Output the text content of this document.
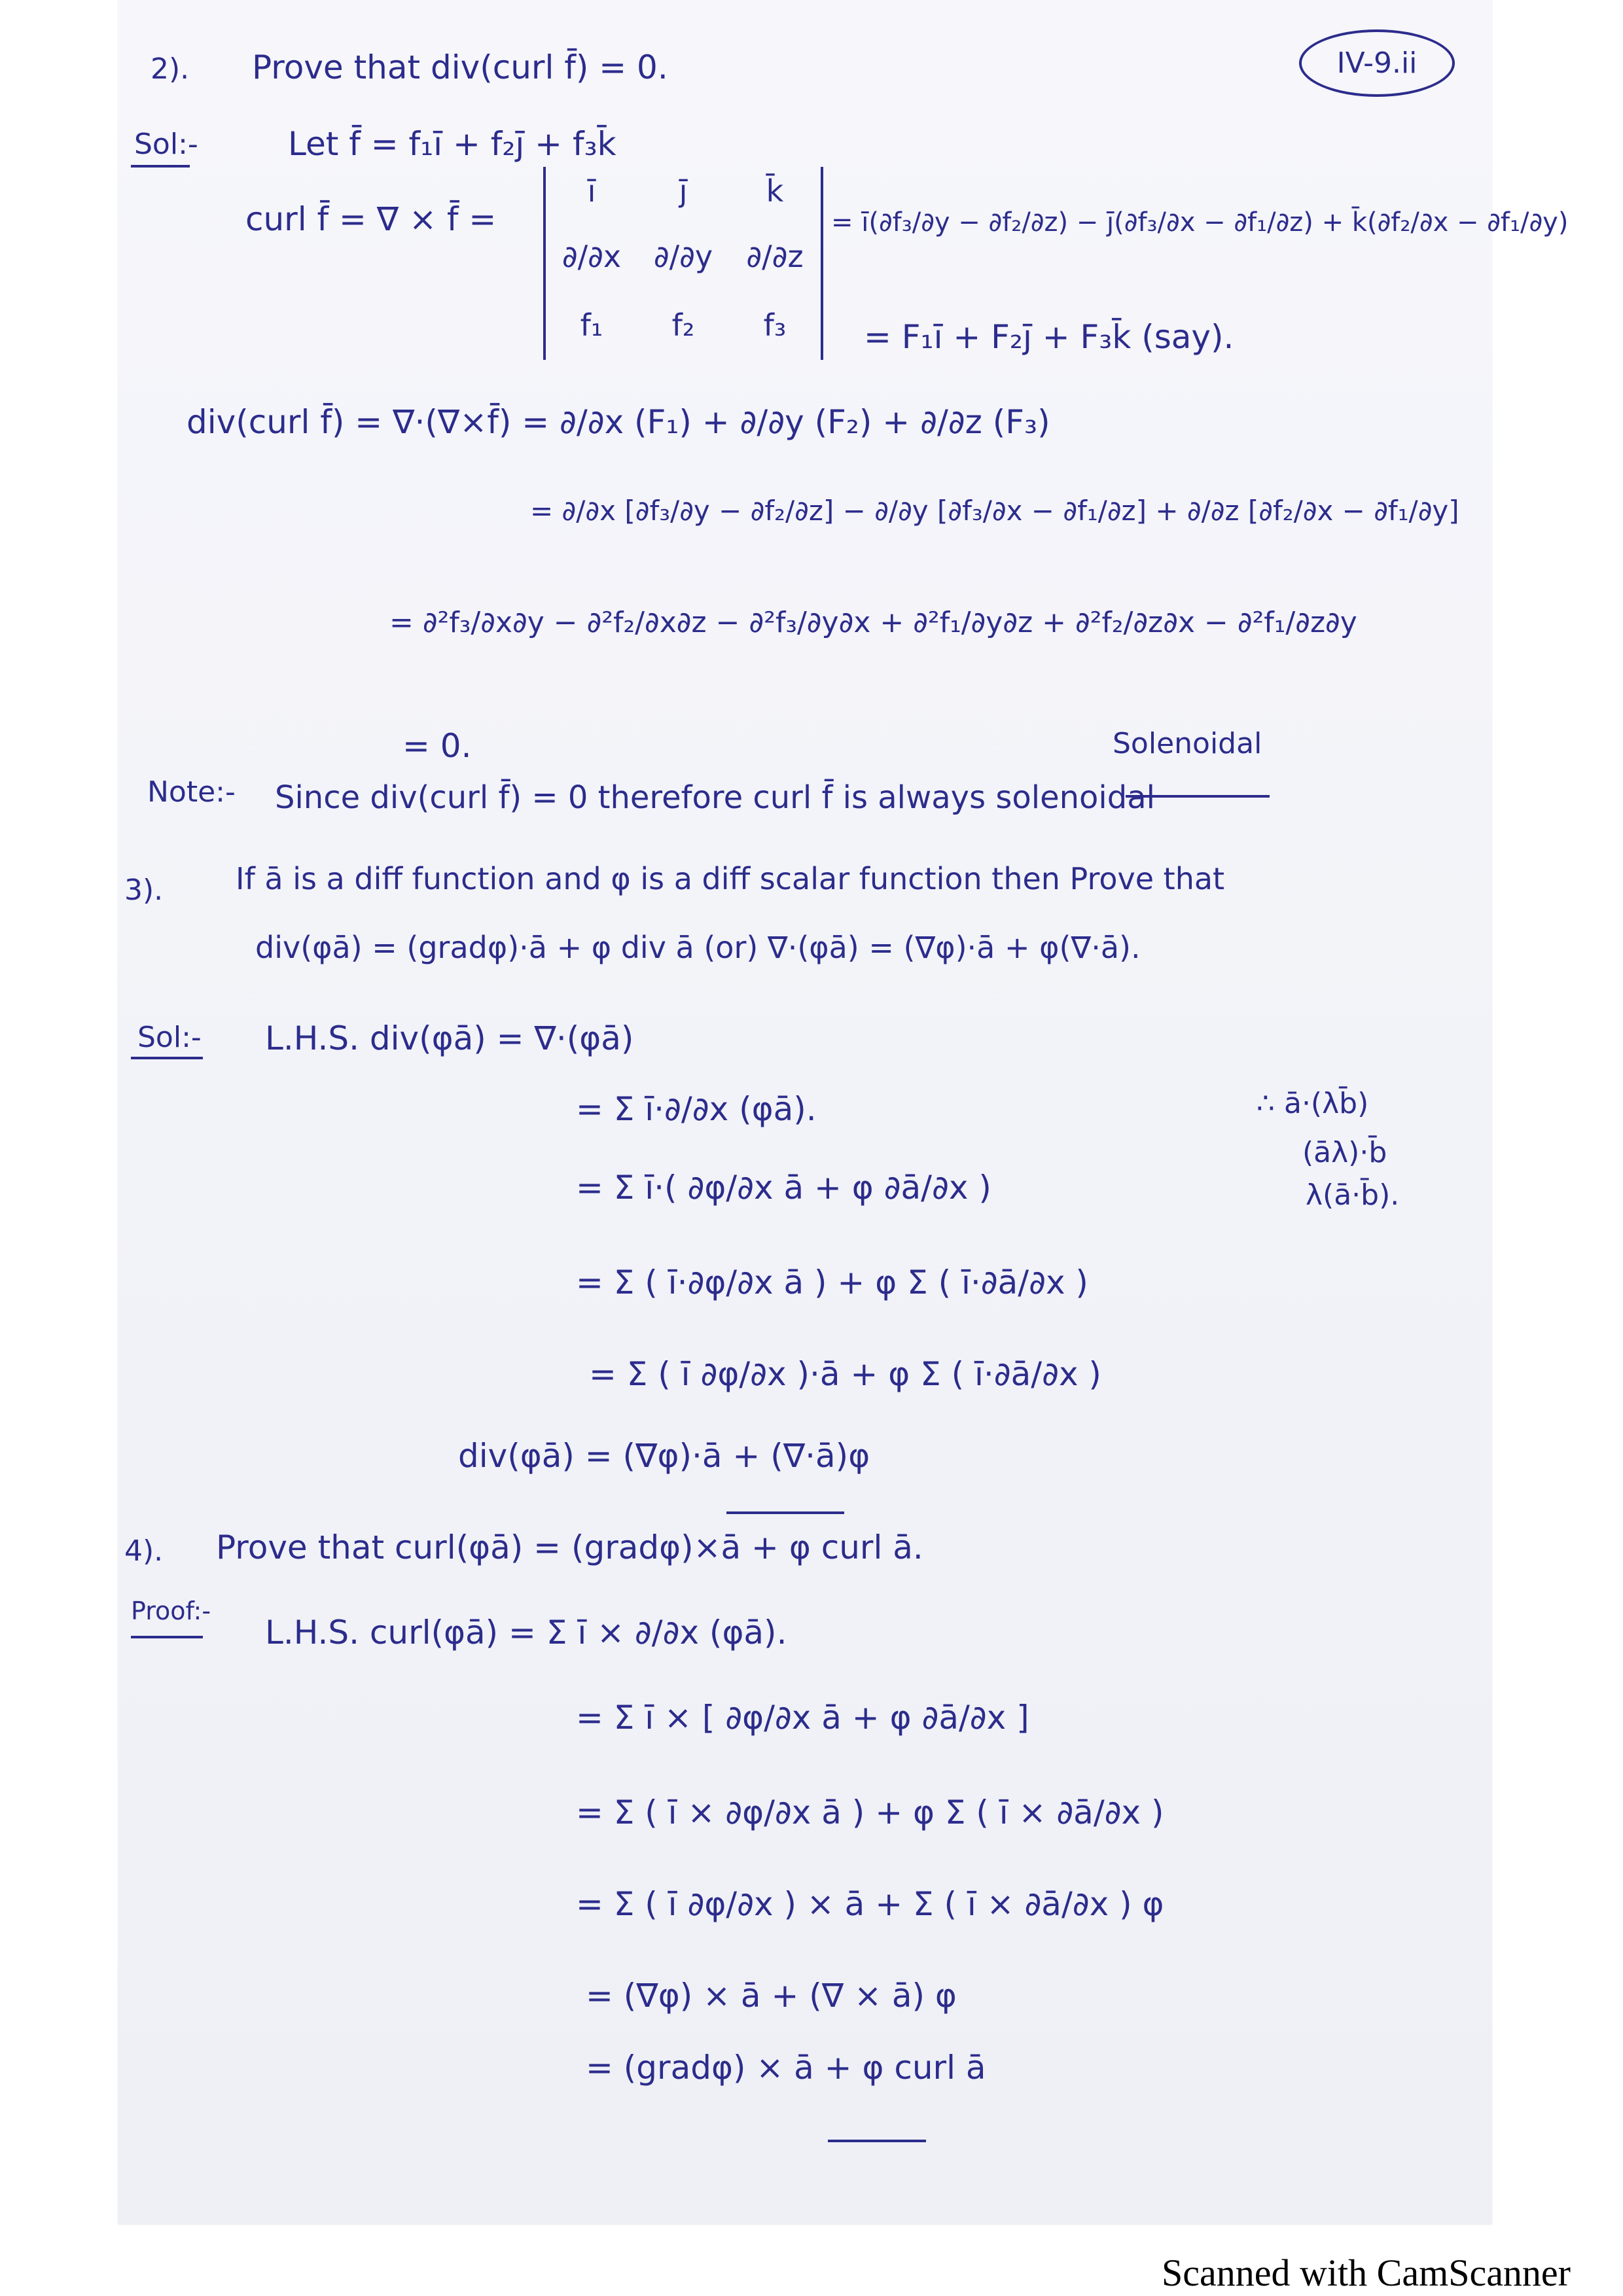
IV-9.ii
2). Prove that div(curl f̄) = 0.
Sol:-	Let f̄ = f₁ī + f₂j̄ + f₃k̄
curl f̄ = ∇ × f̄ =
ī	j̄	k̄
∂/∂x	∂/∂y	∂/∂z
f₁	f₂	f₃
= ī(∂f₃/∂y − ∂f₂/∂z) − j̄(∂f₃/∂x − ∂f₁/∂z) + k̄(∂f₂/∂x − ∂f₁/∂y)
= F₁ī + F₂j̄ + F₃k̄ (say).
div(curl f̄) = ∇·(∇×f̄) = ∂/∂x (F₁) + ∂/∂y (F₂) + ∂/∂z (F₃)
= ∂/∂x [∂f₃/∂y − ∂f₂/∂z] − ∂/∂y [∂f₃/∂x − ∂f₁/∂z] + ∂/∂z [∂f₂/∂x − ∂f₁/∂y]
= ∂²f₃/∂x∂y − ∂²f₂/∂x∂z − ∂²f₃/∂y∂x + ∂²f₁/∂y∂z + ∂²f₂/∂z∂x − ∂²f₁/∂z∂y
= 0.	Solenoidal
Note:- Since div(curl f̄) = 0 therefore curl f̄ is always solenoidal
3). If ā is a diff function and φ is a diff scalar function then Prove that
div(φā) = (gradφ)·ā + φ div ā (or) ∇·(φā) = (∇φ)·ā + φ(∇·ā).
Sol:- L.H.S. div(φā) = ∇·(φā)
= Σ ī·∂/∂x (φā).
= Σ ī·( ∂φ/∂x ā + φ ∂ā/∂x )
= Σ ( ī·∂φ/∂x ā ) + φ Σ ( ī·∂ā/∂x )
= Σ ( ī ∂φ/∂x )·ā + φ Σ ( ī·∂ā/∂x )
div(φā) = (∇φ)·ā + (∇·ā)φ
∴ ā·(λb̄)
(āλ)·b̄
λ(ā·b̄).
4). Prove that curl(φā) = (gradφ)×ā + φ curl ā.
Proof:-
L.H.S. curl(φā) = Σ ī × ∂/∂x (φā).
= Σ ī × [ ∂φ/∂x ā + φ ∂ā/∂x ]
= Σ ( ī × ∂φ/∂x ā ) + φ Σ ( ī × ∂ā/∂x )
= Σ ( ī ∂φ/∂x ) × ā + Σ ( ī × ∂ā/∂x ) φ
= (∇φ) × ā + (∇ × ā) φ
= (gradφ) × ā + φ curl ā
Scanned with CamScanner
